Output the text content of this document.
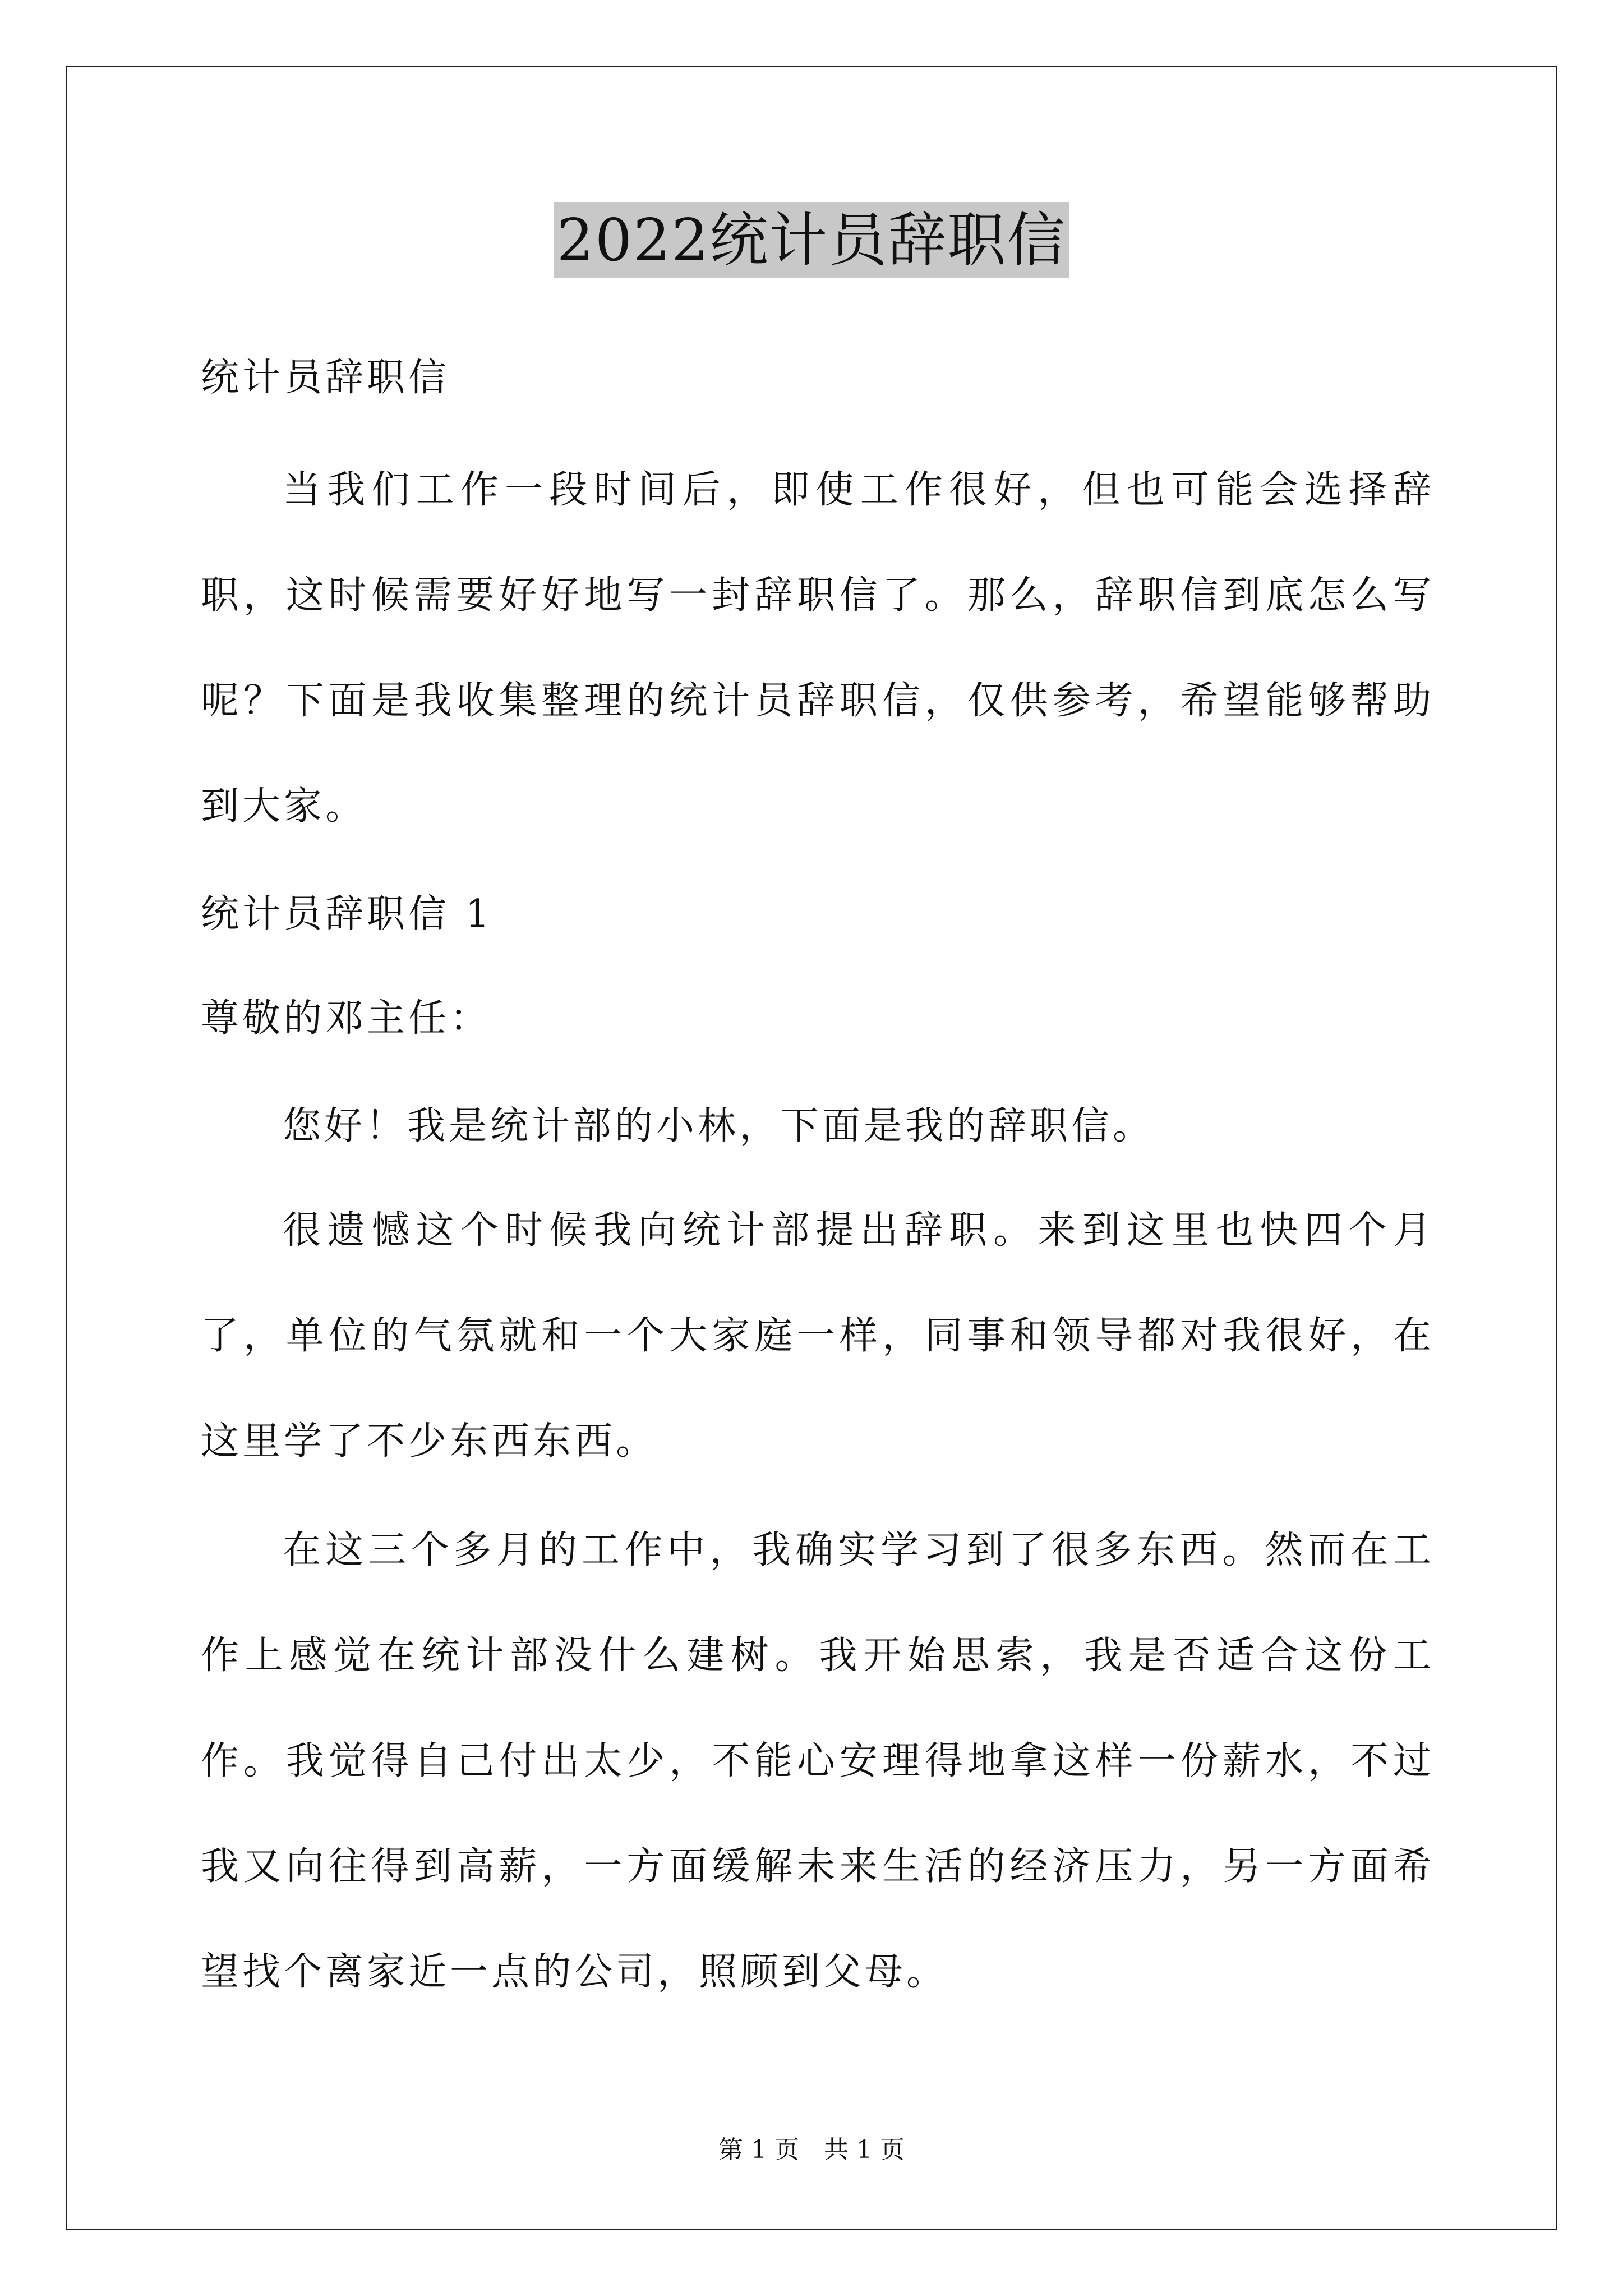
2022统计员辞职信
统计员辞职信

当我们工作一段时间后，即使工作很好，但也可能会选择辞职，这时候需要好好地写一封辞职信了。那么，辞职信到底怎么写呢？下面是我收集整理的统计员辞职信，仅供参考，希望能够帮助到大家。

统计员辞职信 1
尊敬的邓主任：

您好！我是统计部的小林，下面是我的辞职信。

很遗憾这个时候我向统计部提出辞职。来到这里也快四个月了，单位的气氛就和一个大家庭一样，同事和领导都对我很好，在这里学了不少东西东西。

在这三个多月的工作中，我确实学习到了很多东西。然而在工作上感觉在统计部没什么建树。我开始思索，我是否适合这份工作。我觉得自己付出太少，不能心安理得地拿这样一份薪水，不过我又向往得到高薪，一方面缓解未来生活的经济压力，另一方面希望找个离家近一点的公司，照顾到父母。

第 1 页　共 1 页
